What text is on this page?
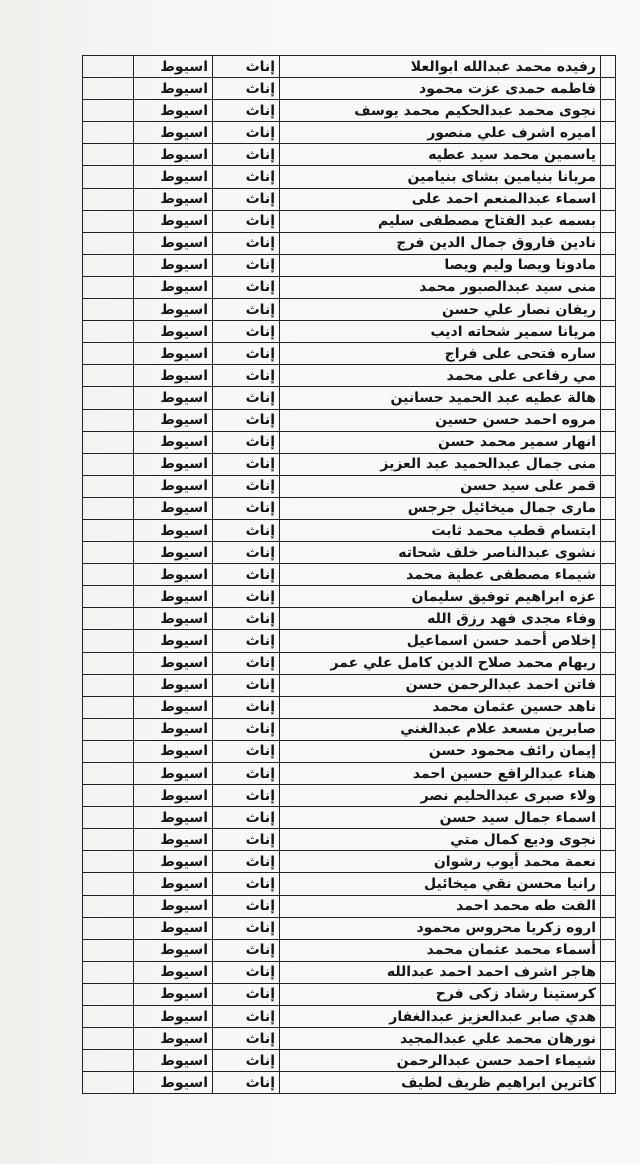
	رفيده محمد عبدالله ابوالعلا	إناث	اسيوط	
	فاطمه حمدى عزت محمود	إناث	اسيوط	
	نجوى محمد عبدالحكيم محمد يوسف	إناث	اسيوط	
	اميره اشرف علي منصور	إناث	اسيوط	
	ياسمين محمد سيد عطيه	إناث	اسيوط	
	مريانا بنيامين بشاى بنيامين	إناث	اسيوط	
	اسماء عبدالمنعم احمد على	إناث	اسيوط	
	بسمه عبد الفتاح مصطفى سليم	إناث	اسيوط	
	نادين فاروق جمال الدين فرج	إناث	اسيوط	
	مادونا ويصا وليم ويصا	إناث	اسيوط	
	منى سيد عبدالصبور محمد	إناث	اسيوط	
	ريفان نصار علي حسن	إناث	اسيوط	
	مريانا سمير شحاته اديب	إناث	اسيوط	
	ساره فتحى على فراج	إناث	اسيوط	
	مي رفاعى على محمد	إناث	اسيوط	
	هالة عطيه عبد الحميد حسانين	إناث	اسيوط	
	مروه احمد حسن حسين	إناث	اسيوط	
	انهار سمير محمد حسن	إناث	اسيوط	
	منى جمال عبدالحميد عبد العزيز	إناث	اسيوط	
	قمر على سيد حسن	إناث	اسيوط	
	مارى جمال ميخائيل جرجس	إناث	اسيوط	
	ابتسام قطب محمد ثابت	إناث	اسيوط	
	نشوى عبدالناصر خلف شحاته	إناث	اسيوط	
	شيماء مصطفى عطية محمد	إناث	اسيوط	
	عزه ابراهيم توفيق سليمان	إناث	اسيوط	
	وفاء مجدى فهد رزق الله	إناث	اسيوط	
	إخلاص أحمد حسن اسماعيل	إناث	اسيوط	
	ريهام محمد صلاح الدين كامل علي عمر	إناث	اسيوط	
	فاتن احمد عبدالرحمن حسن	إناث	اسيوط	
	ناهد حسين عثمان محمد	إناث	اسيوط	
	صابرين مسعد علام عبدالغني	إناث	اسيوط	
	إيمان رائف محمود حسن	إناث	اسيوط	
	هناء عبدالرافع حسين احمد	إناث	اسيوط	
	ولاء صبرى عبدالحليم نصر	إناث	اسيوط	
	اسماء جمال سيد حسن	إناث	اسيوط	
	نجوى وديع كمال متي	إناث	اسيوط	
	نعمة محمد أيوب رشوان	إناث	اسيوط	
	رانيا محسن نقي ميخائيل	إناث	اسيوط	
	الفت طه محمد احمد	إناث	اسيوط	
	اروه زكريا محروس محمود	إناث	اسيوط	
	أسماء محمد عثمان محمد	إناث	اسيوط	
	هاجر اشرف احمد احمد عبدالله	إناث	اسيوط	
	كرستينا رشاد زكى فرح	إناث	اسيوط	
	هدي صابر عبدالعزيز عبدالغفار	إناث	اسيوط	
	نورهان محمد علي عبدالمجيد	إناث	اسيوط	
	شيماء احمد حسن عبدالرحمن	إناث	اسيوط	
	كاترين ابراهيم ظريف لطيف	إناث	اسيوط	
